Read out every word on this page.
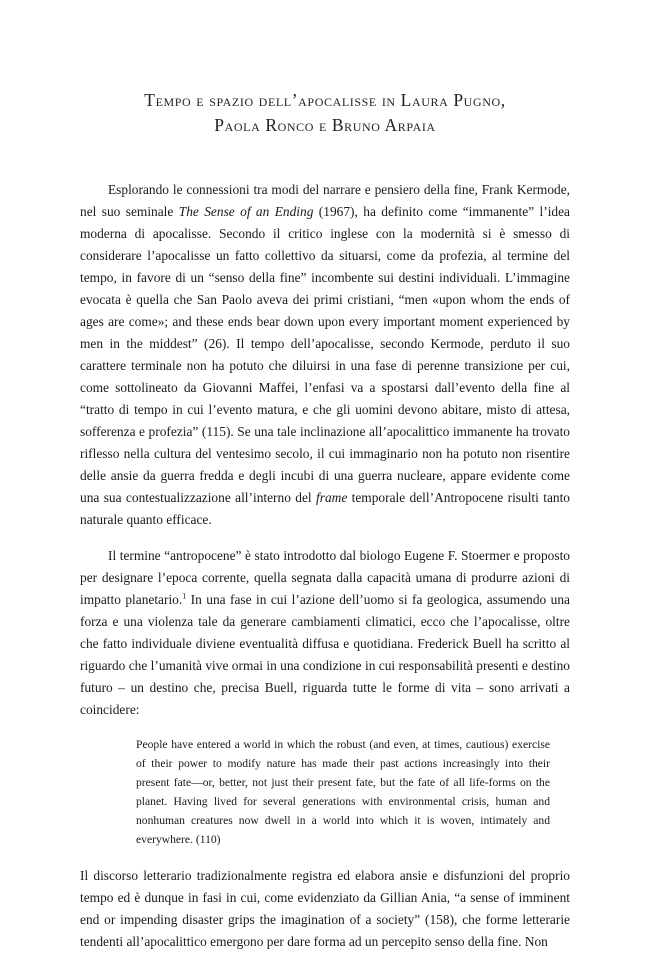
Tempo e spazio dell’apocalisse in Laura Pugno,
Paola Ronco e Bruno Arpaia

Esplorando le connessioni tra modi del narrare e pensiero della fine, Frank Kermode, nel suo seminale The Sense of an Ending (1967), ha definito come “immanente” l’idea moderna di apocalisse. Secondo il critico inglese con la modernità si è smesso di considerare l’apocalisse un fatto collettivo da situarsi, come da profezia, al termine del tempo, in favore di un “senso della fine” incombente sui destini individuali. L’immagine evocata è quella che San Paolo aveva dei primi cristiani, “men «upon whom the ends of ages are come»; and these ends bear down upon every important moment experienced by men in the middest” (26). Il tempo dell’apocalisse, secondo Kermode, perduto il suo carattere terminale non ha potuto che diluirsi in una fase di perenne transizione per cui, come sottolineato da Giovanni Maffei, l’enfasi va a spostarsi dall’evento della fine al “tratto di tempo in cui l’evento matura, e che gli uomini devono abitare, misto di attesa, sofferenza e profezia” (115). Se una tale inclinazione all’apocalittico immanente ha trovato riflesso nella cultura del ventesimo secolo, il cui immaginario non ha potuto non risentire delle ansie da guerra fredda e degli incubi di una guerra nucleare, appare evidente come una sua contestualizzazione all’interno del frame temporale dell’Antropocene risulti tanto naturale quanto efficace.

Il termine “antropocene” è stato introdotto dal biologo Eugene F. Stoermer e proposto per designare l’epoca corrente, quella segnata dalla capacità umana di produrre azioni di impatto planetario.$^1$ In una fase in cui l’azione dell’uomo si fa geologica, assumendo una forza e una violenza tale da generare cambiamenti climatici, ecco che l’apocalisse, oltre che fatto individuale diviene eventualità diffusa e quotidiana. Frederick Buell ha scritto al riguardo che l’umanità vive ormai in una condizione in cui responsabilità presenti e destino futuro – un destino che, precisa Buell, riguarda tutte le forme di vita – sono arrivati a coincidere:

People have entered a world in which the robust (and even, at times, cautious) exercise of their power to modify nature has made their past actions increasingly into their present fate—or, better, not just their present fate, but the fate of all life-forms on the planet. Having lived for several generations with environmental crisis, human and nonhuman creatures now dwell in a world into which it is woven, intimately and everywhere. (110)

Il discorso letterario tradizionalmente registra ed elabora ansie e disfunzioni del proprio tempo ed è dunque in fasi in cui, come evidenziato da Gillian Ania, “a sense of imminent end or impending disaster grips the imagination of a society” (158), che forme letterarie tendenti all’apocalittico emergono per dare forma ad un percepito senso della fine. Non
